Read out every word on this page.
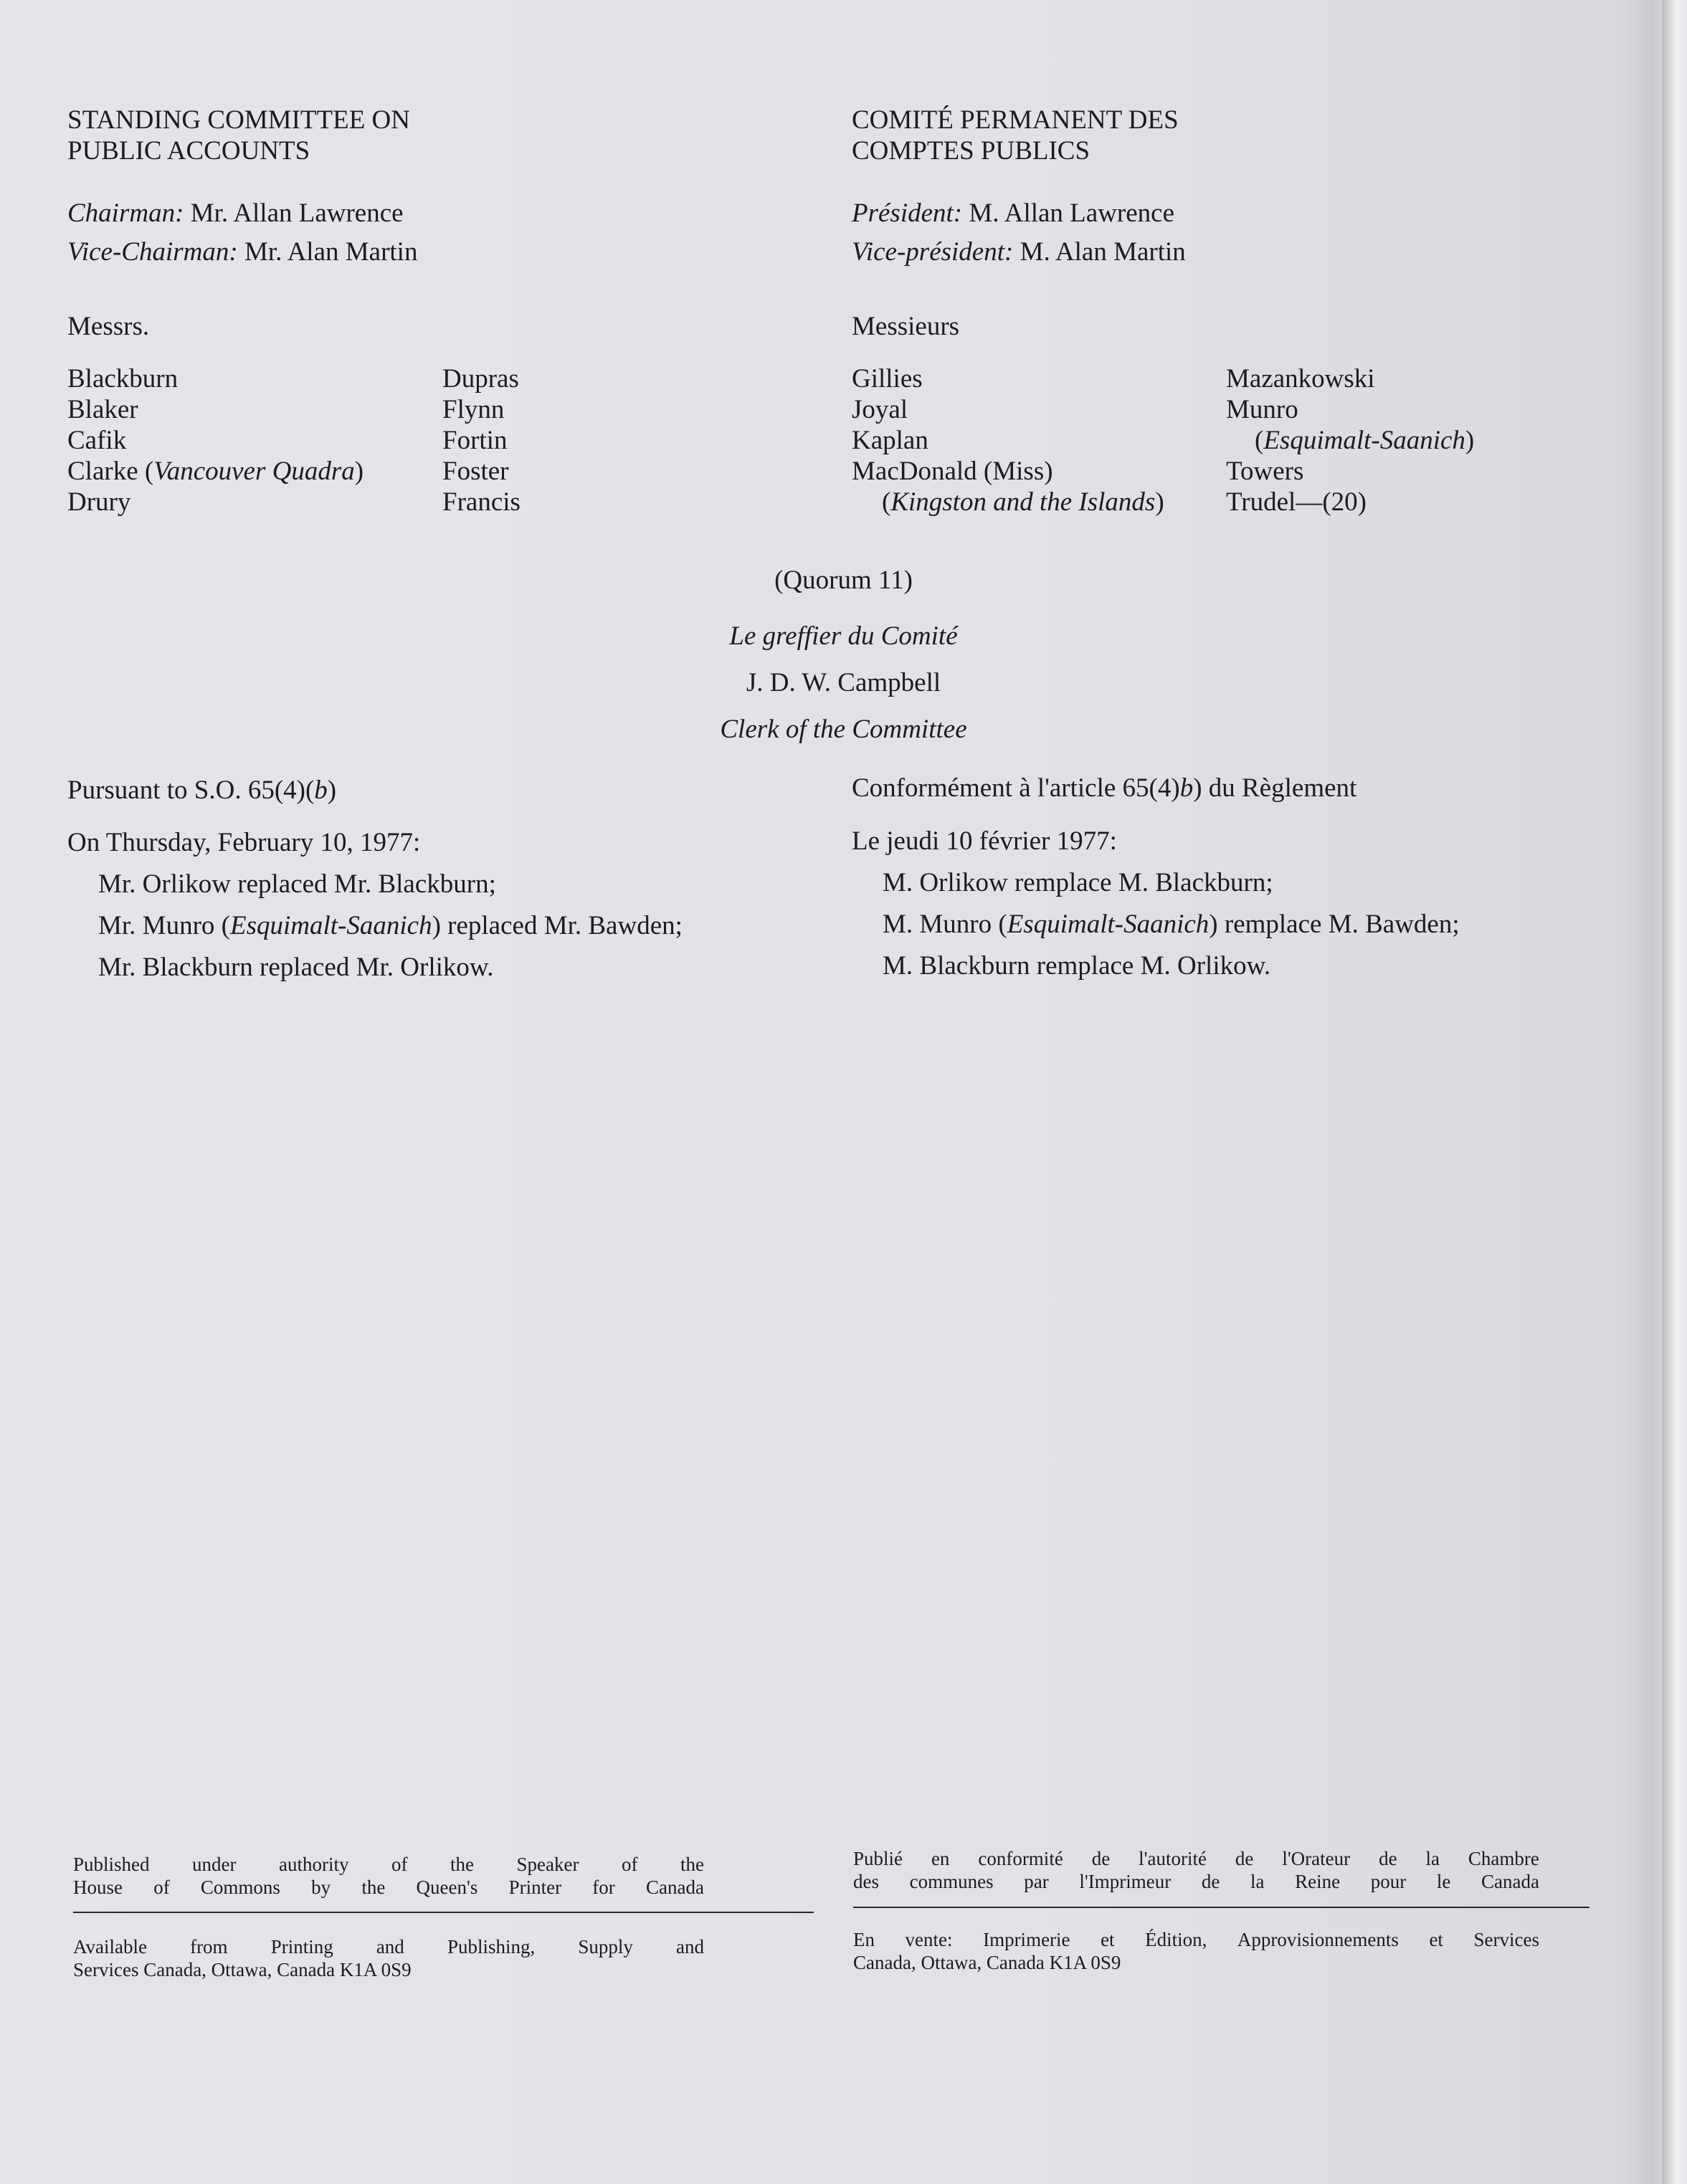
STANDING COMMITTEE ON
PUBLIC ACCOUNTS
COMITÉ PERMANENT DES
COMPTES PUBLICS
Chairman: Mr. Allan Lawrence
Vice-Chairman: Mr. Alan Martin
Président: M. Allan Lawrence
Vice-président: M. Alan Martin
Messrs.	Messieurs
Blackburn
Blaker
Cafik
Clarke (Vancouver Quadra)
Drury
Dupras
Flynn
Fortin
Foster
Francis
Gillies
Joyal
Kaplan
MacDonald (Miss)
(Kingston and the Islands)
Mazankowski
Munro
(Esquimalt-Saanich)
Towers
Trudel—(20)
(Quorum 11)
Le greffier du Comité
J. D. W. Campbell
Clerk of the Committee
Pursuant to S.O. 65(4)(b)	Conformément à l'article 65(4)b) du Règlement
On Thursday, February 10, 1977:
Mr. Orlikow replaced Mr. Blackburn;
Mr. Munro (Esquimalt-Saanich) replaced Mr. Bawden;
Mr. Blackburn replaced Mr. Orlikow.
Le jeudi 10 février 1977:
M. Orlikow remplace M. Blackburn;
M. Munro (Esquimalt-Saanich) remplace M. Bawden;
M. Blackburn remplace M. Orlikow.
Published under authority of the Speaker of the
House of Commons by the Queen's Printer for Canada
Available from Printing and Publishing, Supply and
Services Canada, Ottawa, Canada K1A 0S9
Publié en conformité de l'autorité de l'Orateur de la Chambre
des communes par l'Imprimeur de la Reine pour le Canada
En vente: Imprimerie et Édition, Approvisionnements et Services
Canada, Ottawa, Canada K1A 0S9
